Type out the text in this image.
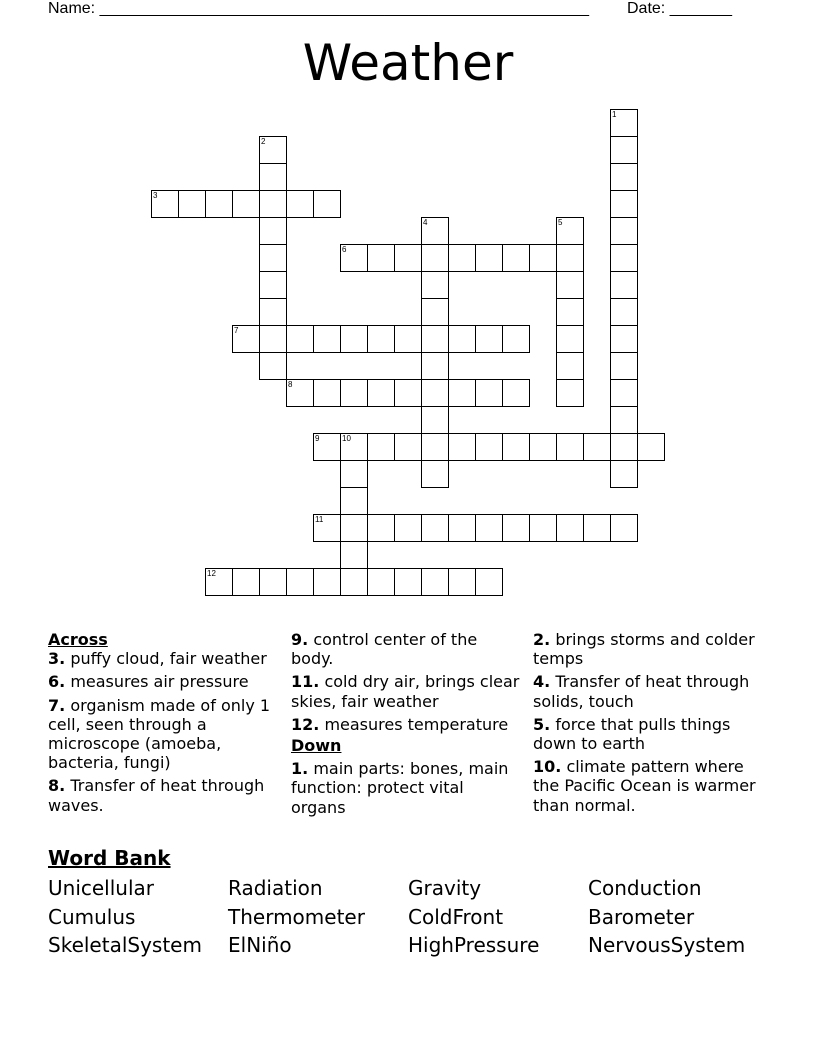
Name: _______________________________________________________ Date: _______
Weather
1
2
3
4	5
6
7
8
9	10
11
12

Across

3. puffy cloud, fair weather

6. measures air pressure

7. organism made of only 1 cell, seen through a microscope (amoeba, bacteria, fungi)

8. Transfer of heat through waves.

9. control center of the body.

11. cold dry air, brings clear skies, fair weather

12. measures temperature

Down

1. main parts: bones, main function: protect vital organs

2. brings storms and colder temps

4. Transfer of heat through solids, touch

5. force that pulls things down to earth

10. climate pattern where the Pacific Ocean is warmer than normal.

Word Bank
Unicellular	Radiation	Gravity	Conduction
Cumulus	Thermometer	ColdFront	Barometer
SkeletalSystem	ElNiño	HighPressure	NervousSystem
